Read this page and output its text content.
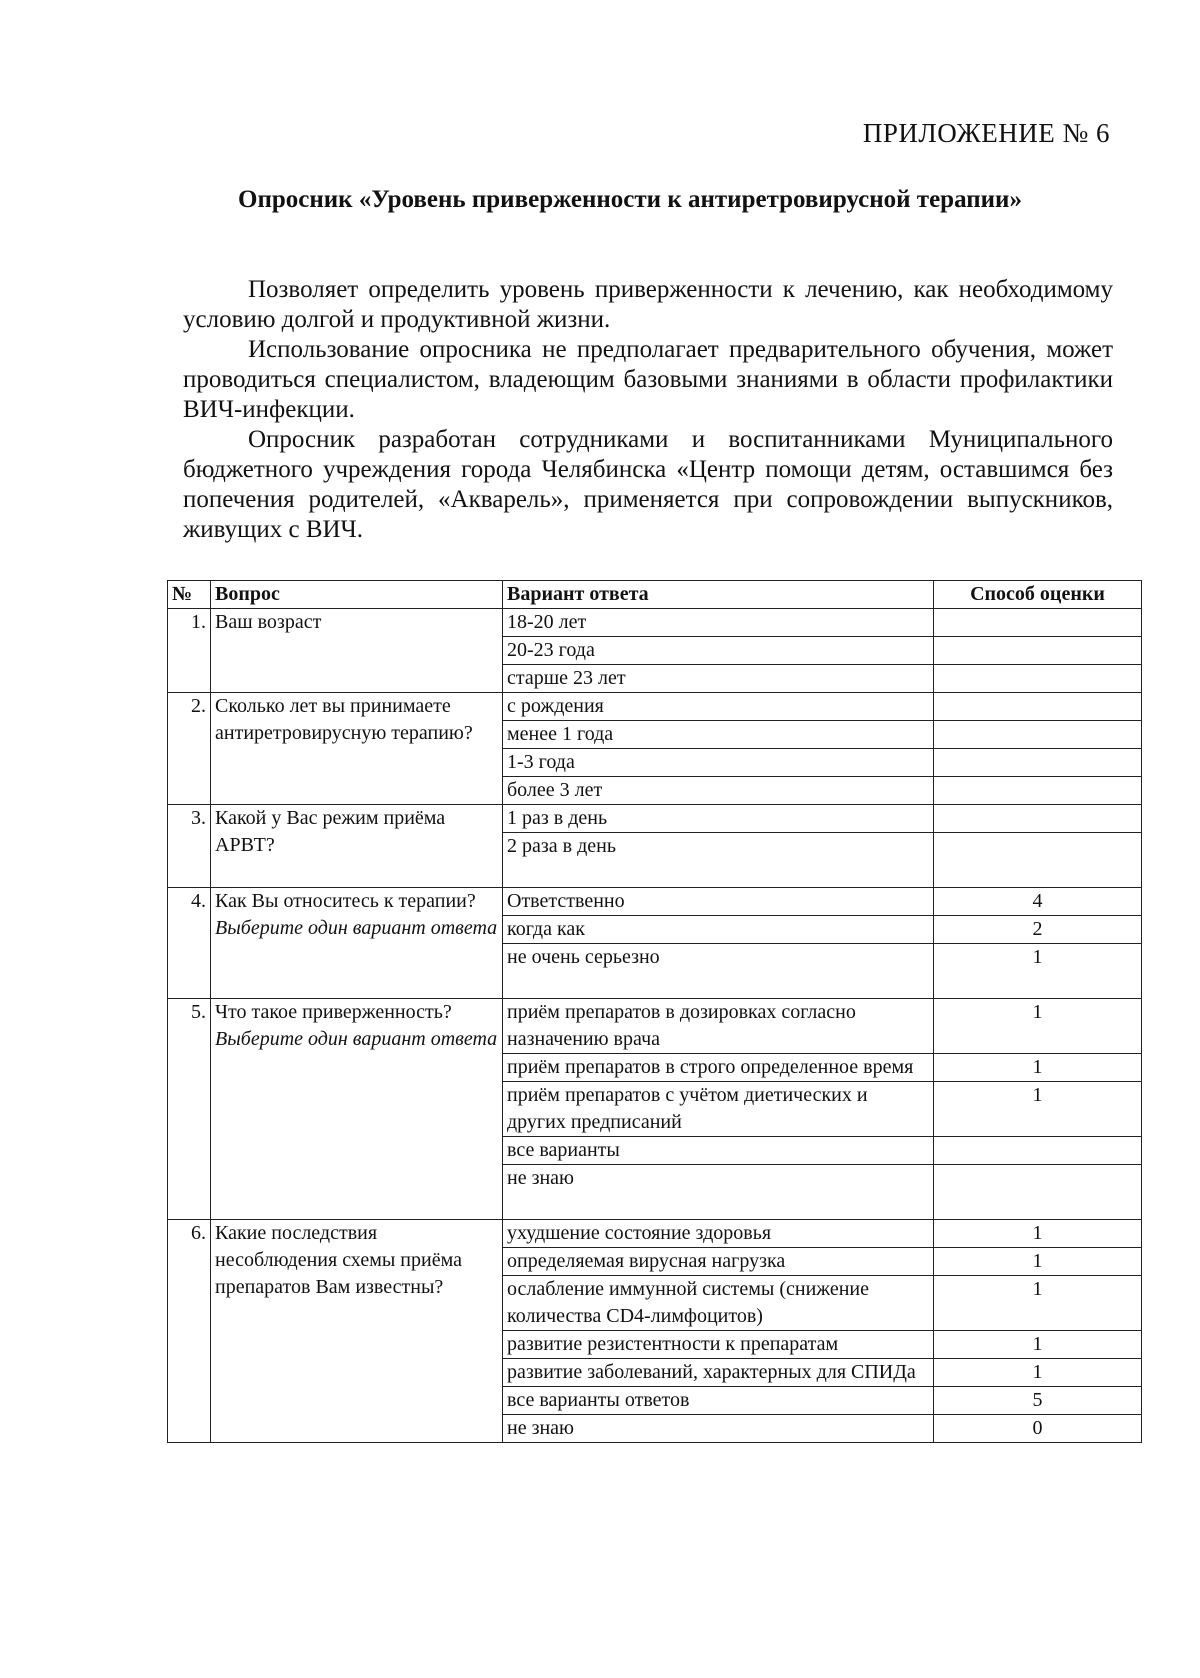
ПРИЛОЖЕНИЕ № 6
Опросник «Уровень приверженности к антиретровирусной терапии»

Позволяет определить уровень приверженности к лечению, как необходимому условию долгой и продуктивной жизни.

Использование опросника не предполагает предварительного обучения, может проводиться специалистом, владеющим базовыми знаниями в области профилактики ВИЧ-инфекции.

Опросник разработан сотрудниками и воспитанниками Муниципального бюджетного учреждения города Челябинска «Центр помощи детям, оставшимся без попечения родителей, «Акварель», применяется при сопровождении выпускников, живущих с ВИЧ.

№	Вопрос	Вариант ответа	Способ оценки
1.	Ваш возраст	18-20 лет	
		20-23 года	
		старше 23 лет	
2.	Сколько лет вы принимаете антиретровирусную терапию?	с рождения	
		менее 1 года	
		1-3 года	
		более 3 лет	
3.	Какой у Вас режим приёма АРВТ?	1 раз в день	
		2 раза в день	
4.	Как Вы относитесь к терапии?
Выберите один вариант ответа	Ответственно	4
		когда как	2
		не очень серьезно	1
5.	Что такое приверженность?
Выберите один вариант ответа	приём препаратов в дозировках согласно назначению врача	1
		приём препаратов в строго определенное время	1
		приём препаратов с учётом диетических и других предписаний	1
		все варианты	
		не знаю	
6.	Какие последствия несоблюдения схемы приёма препаратов Вам известны?	ухудшение состояние здоровья	1
		определяемая вирусная нагрузка	1
		ослабление иммунной системы (снижение количества CD4-лимфоцитов)	1
		развитие резистентности к препаратам	1
		развитие заболеваний, характерных для СПИДа	1
		все варианты ответов	5
		не знаю	0
